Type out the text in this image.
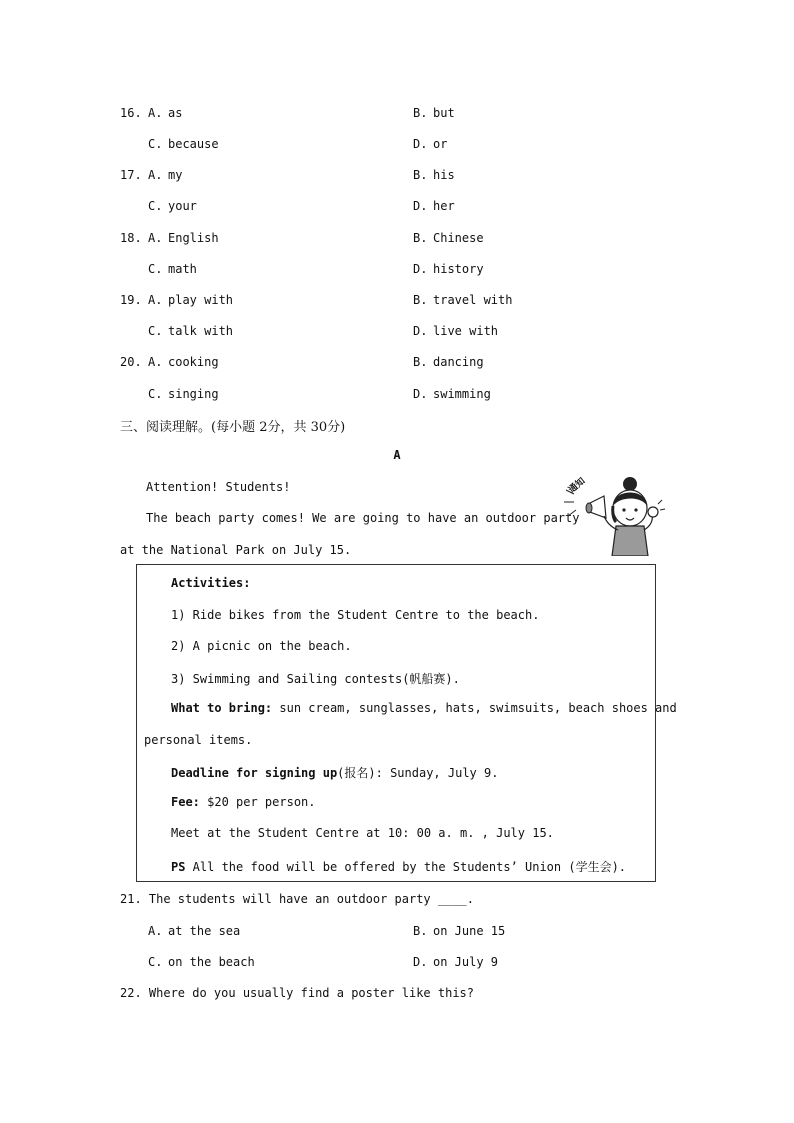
16. A. as	B. but
C. because	D. or
17. A. my	B. his
C. your	D. her
18. A. English	B. Chinese
C. math	D. history
19. A. play with	B. travel with
C. talk with	D. live with
20. A. cooking	B. dancing
C. singing	D. swimming
三、阅读理解。(每小题 2分，共 30分)
A
Attention! Students!
The beach party comes! We are going to have an outdoor party
at the National Park on July 15.
通知
Activities:
1) Ride bikes from the Student Centre to the beach.
2) A picnic on the beach.
3) Swimming and Sailing contests(帆船赛).
What to bring: sun cream, sunglasses, hats, swimsuits, beach shoes and
personal items.
Deadline for signing up(报名): Sunday, July 9.
Fee: $20 per person.
Meet at the Student Centre at 10: 00 a. m. , July 15.
PS All the food will be offered by the Students’ Union (学生会).
21. The students will have an outdoor party ____.
A. at the sea	B. on June 15
C. on the beach	D. on July 9
22. Where do you usually find a poster like this?
